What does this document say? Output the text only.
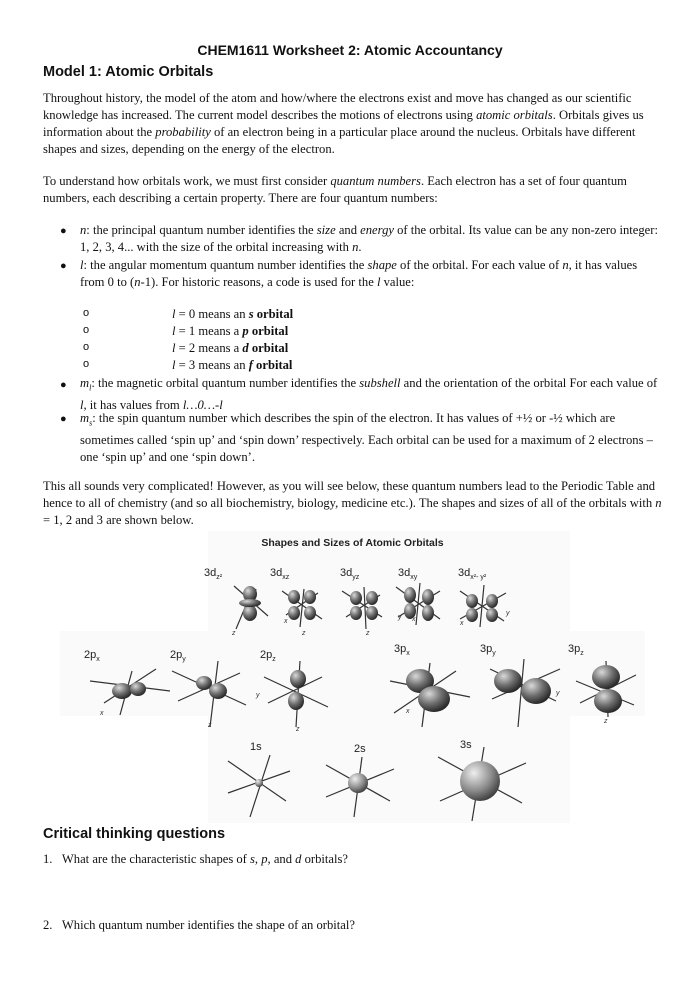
CHEM1611 Worksheet 2: Atomic Accountancy
Model 1: Atomic Orbitals
Throughout history, the model of the atom and how/where the electrons exist and move has changed as our scientific knowledge has increased. The current model describes the motions of electrons using atomic orbitals. Orbitals gives us information about the probability of an electron being in a particular place around the nucleus. Orbitals have different shapes and sizes, depending on the energy of the electron.
To understand how orbitals work, we must first consider quantum numbers. Each electron has a set of four quantum numbers, each describing a certain property. There are four quantum numbers:
● n: the principal quantum number identifies the size and energy of the orbital. Its value can be any non-zero integer: 1, 2, 3, 4... with the size of the orbital increasing with n.
● l: the angular momentum quantum number identifies the shape of the orbital. For each value of n, it has values from 0 to (n-1). For historic reasons, a code is used for the l value:
o	l = 0 means an s orbital
o	l = 1 means a p orbital
o	l = 2 means a d orbital
o	l = 3 means an f orbital
● $m_l$: the magnetic orbital quantum number identifies the subshell and the orientation of the orbital For each value of l, it has values from l…0…-l
● $m_s$: the spin quantum number which describes the spin of the electron. It has values of +½ or -½ which are sometimes called ‘spin up’ and ‘spin down’ respectively. Each orbital can be used for a maximum of 2 electrons – one ‘spin up’ and one ‘spin down’.
This all sounds very complicated! However, as you will see below, these quantum numbers lead to the Periodic Table and hence to all of chemistry (and so all biochemistry, biology, medicine etc.). The shapes and sizes of all of the orbitals with n = 1, 2 and 3 are shown below.
z
x
z	z
y x
x
y
x
z
y
z
x
y
z
Shapes and Sizes of Atomic Orbitals
$3d_{z^2}$	$3d_{xz}$	$3d_{yz}$	$3d_{xy}$	$3d_{x^2- y^2}$
$2p_x$	$2p_y$	$2p_z$
$3p_x$	$3p_y$	$3p_z$
1s	2s	3s
Critical thinking questions
1. What are the characteristic shapes of s, p, and d orbitals?
2. Which quantum number identifies the shape of an orbital?
